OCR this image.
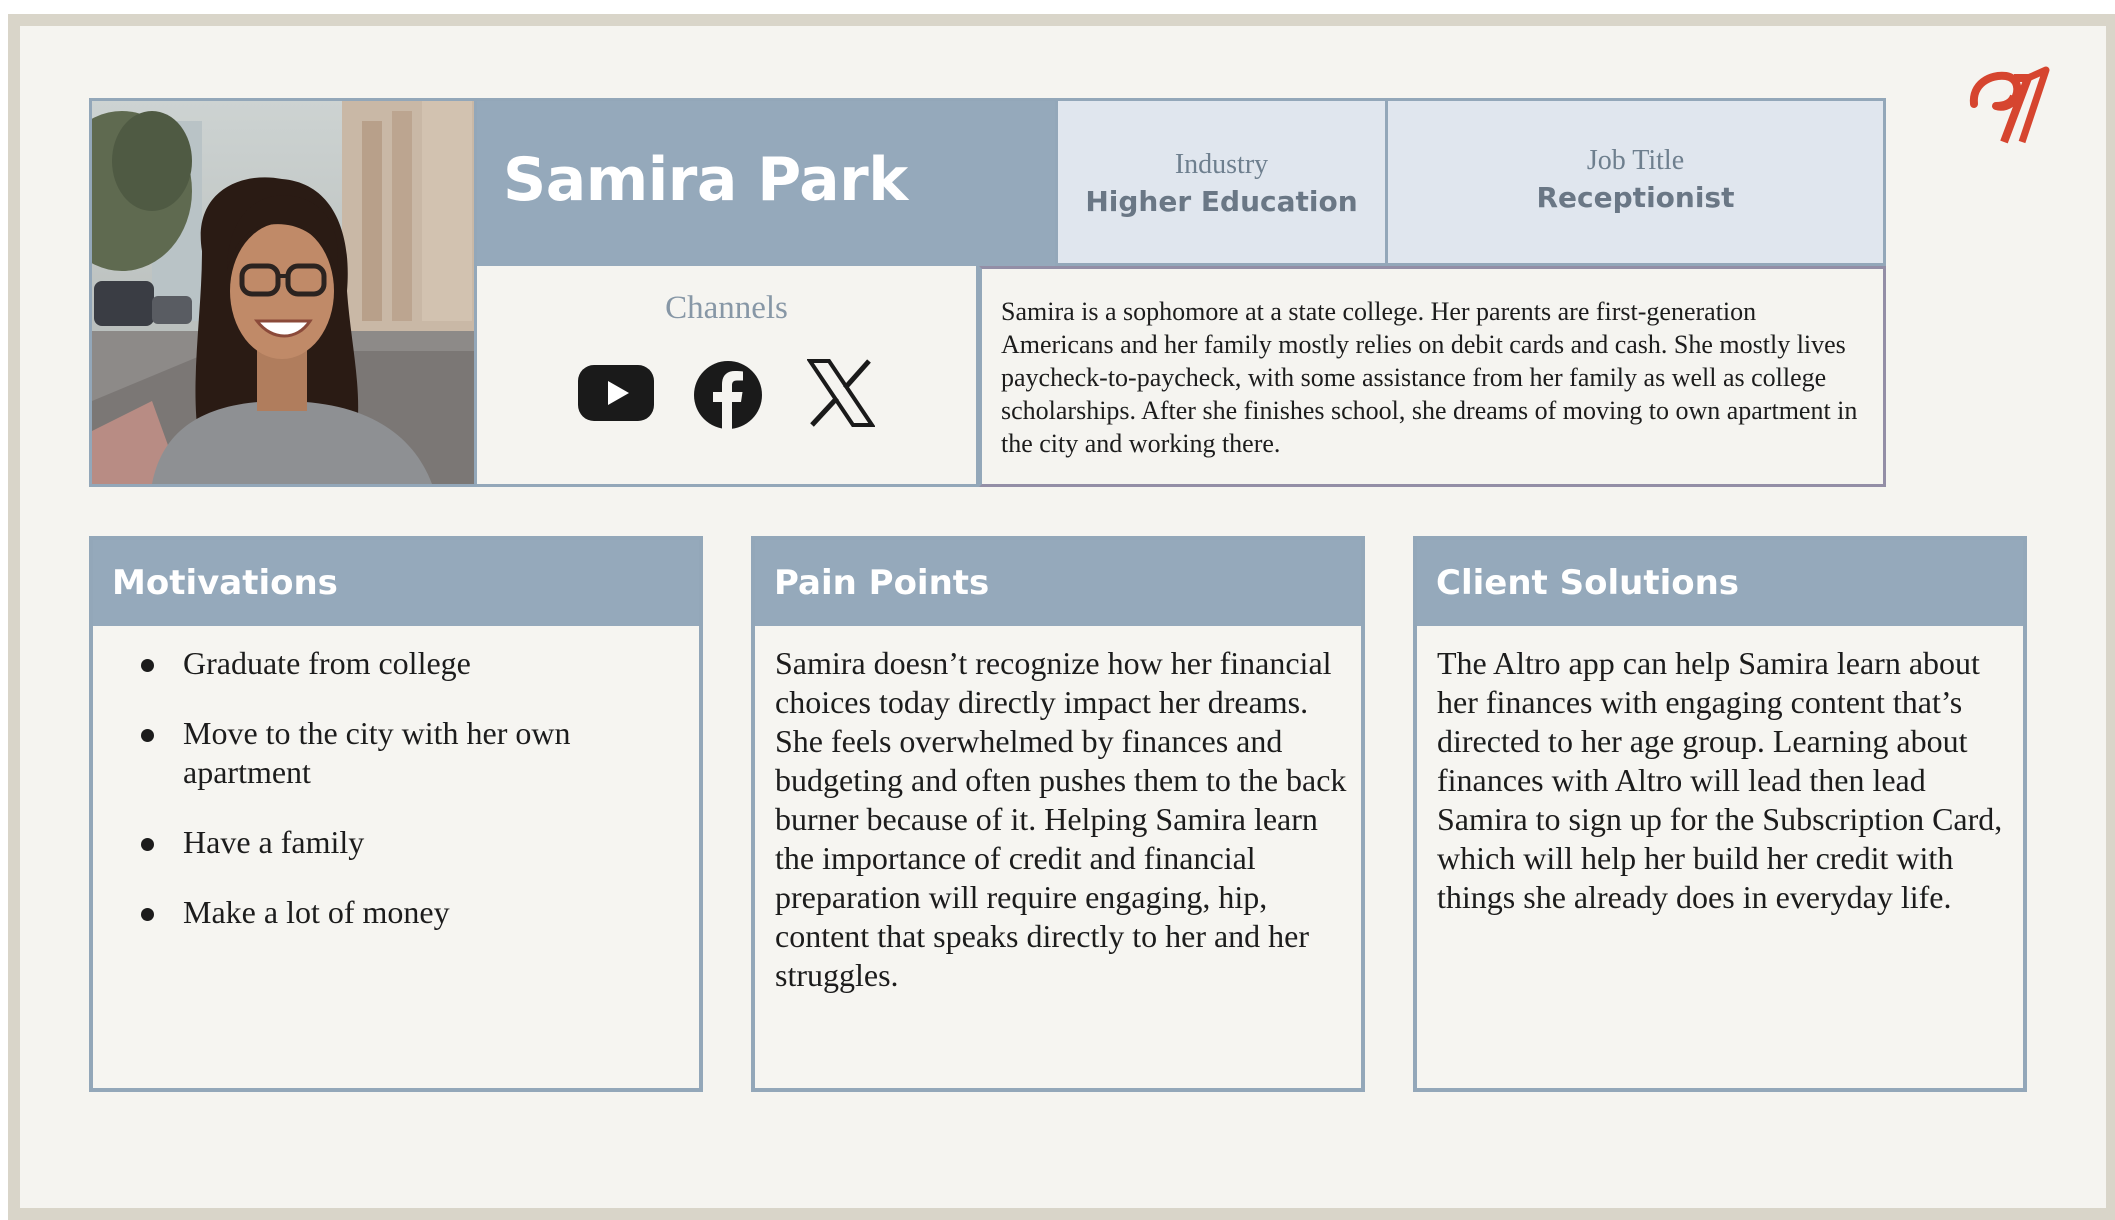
Samira Park	Industry
Higher Education
Job Title
Receptionist
Channels	Samira is a sophomore at a state college. Her parents are first-generation Americans and her family mostly relies on debit cards and cash. She mostly lives paycheck-to-paycheck, with some assistance from her family as well as college scholarships. After she finishes school, she dreams of moving to own apartment in the city and working there.

Motivations
Graduate from college
Move to the city with her own apartment
Have a family
Make a lot of money
Pain Points
Samira doesn’t recognize how her financial choices today directly impact her dreams. She feels overwhelmed by finances and budgeting and often pushes them to the back burner because of it. Helping Samira learn the importance of credit and financial preparation will require engaging, hip, content that speaks directly to her and her struggles.
Client Solutions
The Altro app can help Samira learn about her finances with engaging content that’s directed to her age group. Learning about finances with Altro will lead then lead Samira to sign up for the Subscription Card, which will help her build her credit with things she already does in everyday life.
